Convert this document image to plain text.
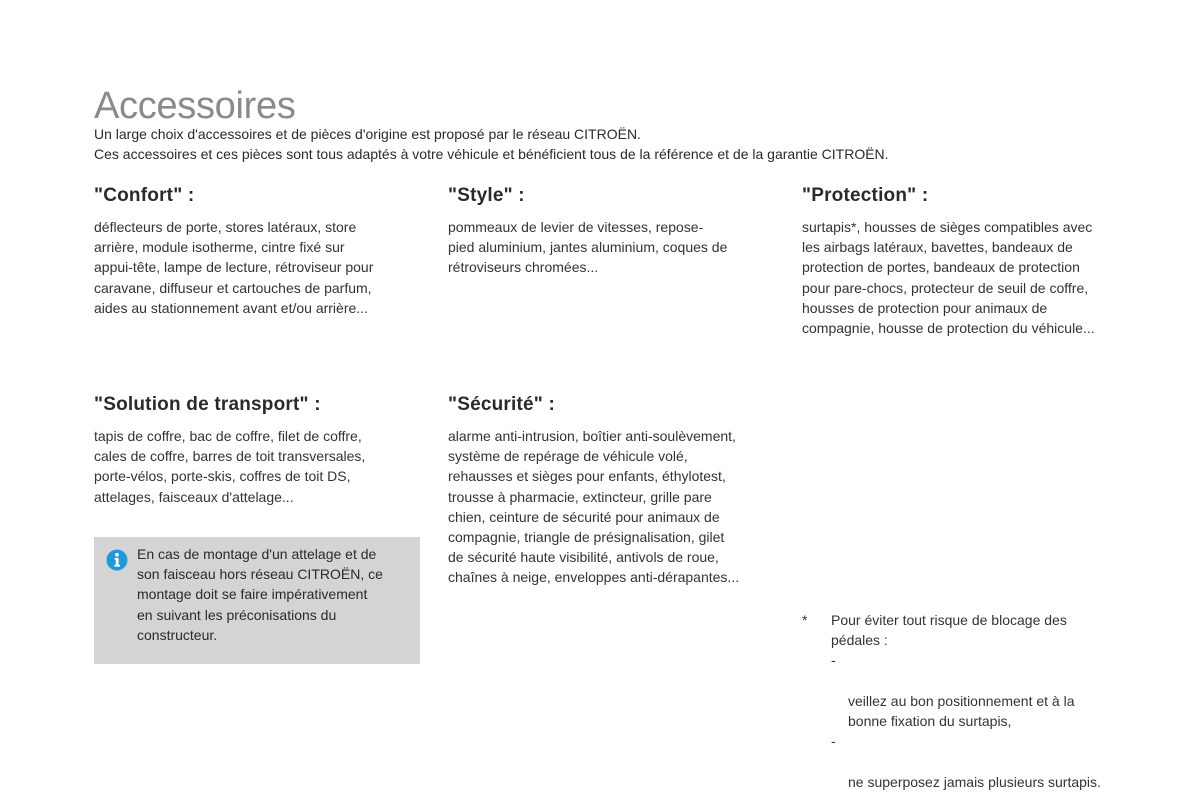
Accessoires

Un large choix d'accessoires et de pièces d'origine est proposé par le réseau CITROËN.

Ces accessoires et ces pièces sont tous adaptés à votre véhicule et bénéficient tous de la référence et de la garantie CITROËN.

"Confort" :

déflecteurs de porte, stores latéraux, store
arrière, module isotherme, cintre fixé sur
appui-tête, lampe de lecture, rétroviseur pour
caravane, diffuseur et cartouches de parfum,
aides au stationnement avant et/ou arrière...

"Style" :

pommeaux de levier de vitesses, repose-
pied aluminium, jantes aluminium, coques de
rétroviseurs chromées...

"Protection" :

surtapis*, housses de sièges compatibles avec
les airbags latéraux, bavettes, bandeaux de
protection de portes, bandeaux de protection
pour pare-chocs, protecteur de seuil de coffre,
housses de protection pour animaux de
compagnie, housse de protection du véhicule...

"Solution de transport" :

tapis de coffre, bac de coffre, filet de coffre,
cales de coffre, barres de toit transversales,
porte-vélos, porte-skis, coffres de toit DS,
attelages, faisceaux d'attelage...

"Sécurité" :

alarme anti-intrusion, boîtier anti-soulèvement,
système de repérage de véhicule volé,
rehausses et sièges pour enfants, éthylotest,
trousse à pharmacie, extincteur, grille pare
chien, ceinture de sécurité pour animaux de
compagnie, triangle de présignalisation, gilet
de sécurité haute visibilité, antivols de roue,
chaînes à neige, enveloppes anti-dérapantes...

En cas de montage d'un attelage et de
son faisceau hors réseau CITROËN, ce
montage doit se faire impérativement
en suivant les préconisations du
constructeur.

* Pour éviter tout risque de blocage des
pédales :

-

veillez au bon positionnement et à la
bonne fixation du surtapis,

-

ne superposez jamais plusieurs surtapis.
